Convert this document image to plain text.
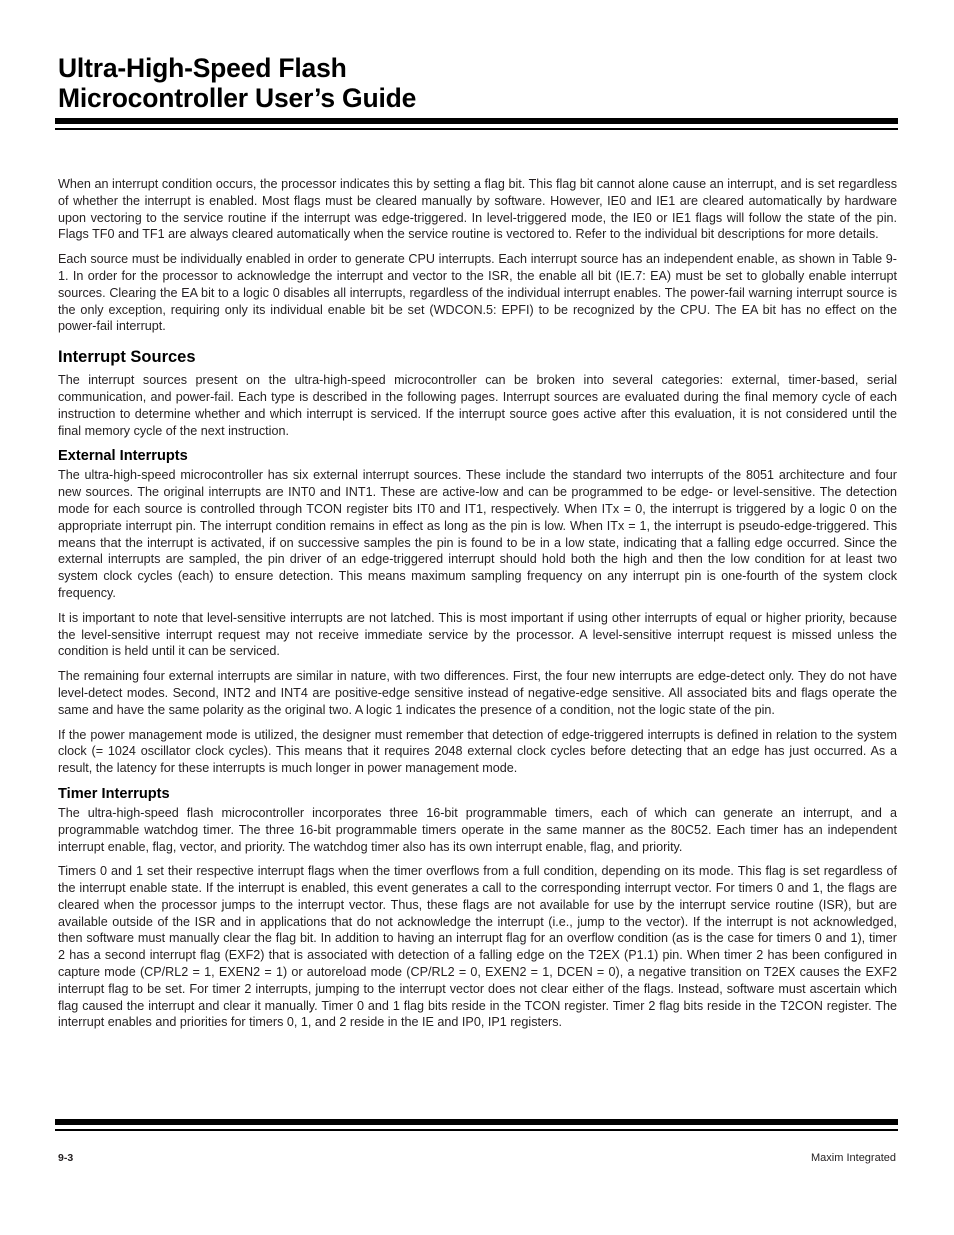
Ultra-High-Speed Flash
Microcontroller User’s Guide

When an interrupt condition occurs, the processor indicates this by setting a flag bit. This flag bit cannot alone cause an interrupt, and is set regardless of whether the interrupt is enabled. Most flags must be cleared manually by software. However, IE0 and IE1 are cleared automatically by hardware upon vectoring to the service routine if the interrupt was edge-triggered. In level-triggered mode, the IE0 or IE1 flags will follow the state of the pin. Flags TF0 and TF1 are always cleared automatically when the service routine is vectored to. Refer to the individual bit descriptions for more details.

Each source must be individually enabled in order to generate CPU interrupts. Each interrupt source has an independent enable, as shown in Table 9-1. In order for the processor to acknowledge the interrupt and vector to the ISR, the enable all bit (IE.7: EA) must be set to globally enable interrupt sources. Clearing the EA bit to a logic 0 disables all interrupts, regardless of the individual interrupt enables. The power-fail warning interrupt source is the only exception, requiring only its individual enable bit be set (WDCON.5: EPFI) to be recognized by the CPU. The EA bit has no effect on the power-fail interrupt.

Interrupt Sources

The interrupt sources present on the ultra-high-speed microcontroller can be broken into several categories: external, timer-based, serial communication, and power-fail. Each type is described in the following pages. Interrupt sources are evaluated during the final memory cycle of each instruction to determine whether and which interrupt is serviced. If the interrupt source goes active after this evaluation, it is not considered until the final memory cycle of the next instruction.

External Interrupts

The ultra-high-speed microcontroller has six external interrupt sources. These include the standard two interrupts of the 8051 architecture and four new sources. The original interrupts are INT0 and INT1. These are active-low and can be programmed to be edge- or level-sensitive. The detection mode for each source is controlled through TCON register bits IT0 and IT1, respectively. When ITx = 0, the interrupt is triggered by a logic 0 on the appropriate interrupt pin. The interrupt condition remains in effect as long as the pin is low. When ITx = 1, the interrupt is pseudo-edge-triggered. This means that the interrupt is activated, if on successive samples the pin is found to be in a low state, indicating that a falling edge occurred. Since the external interrupts are sampled, the pin driver of an edge-triggered interrupt should hold both the high and then the low condition for at least two system clock cycles (each) to ensure detection. This means maximum sampling frequency on any interrupt pin is one-fourth of the system clock frequency.

It is important to note that level-sensitive interrupts are not latched. This is most important if using other interrupts of equal or higher priority, because the level-sensitive interrupt request may not receive immediate service by the processor. A level-sensitive interrupt request is missed unless the condition is held until it can be serviced.

The remaining four external interrupts are similar in nature, with two differences. First, the four new interrupts are edge-detect only. They do not have level-detect modes. Second, INT2 and INT4 are positive-edge sensitive instead of negative-edge sensitive. All associated bits and flags operate the same and have the same polarity as the original two. A logic 1 indicates the presence of a condition, not the logic state of the pin.

If the power management mode is utilized, the designer must remember that detection of edge-triggered interrupts is defined in relation to the system clock (= 1024 oscillator clock cycles). This means that it requires 2048 external clock cycles before detecting that an edge has just occurred. As a result, the latency for these interrupts is much longer in power management mode.

Timer Interrupts

The ultra-high-speed flash microcontroller incorporates three 16-bit programmable timers, each of which can generate an interrupt, and a programmable watchdog timer. The three 16-bit programmable timers operate in the same manner as the 80C52. Each timer has an independent interrupt enable, flag, vector, and priority. The watchdog timer also has its own interrupt enable, flag, and priority.

Timers 0 and 1 set their respective interrupt flags when the timer overflows from a full condition, depending on its mode. This flag is set regardless of the interrupt enable state. If the interrupt is enabled, this event generates a call to the corresponding interrupt vector. For timers 0 and 1, the flags are cleared when the processor jumps to the interrupt vector. Thus, these flags are not available for use by the interrupt service routine (ISR), but are available outside of the ISR and in applications that do not acknowledge the interrupt (i.e., jump to the vector). If the interrupt is not acknowledged, then software must manually clear the flag bit. In addition to having an interrupt flag for an overflow condition (as is the case for timers 0 and 1), timer 2 has a second interrupt flag (EXF2) that is associated with detection of a falling edge on the T2EX (P1.1) pin. When timer 2 has been configured in capture mode (CP/RL2 = 1, EXEN2 = 1) or autoreload mode (CP/RL2 = 0, EXEN2 = 1, DCEN = 0), a negative transition on T2EX causes the EXF2 interrupt flag to be set. For timer 2 interrupts, jumping to the interrupt vector does not clear either of the flags. Instead, software must ascertain which flag caused the interrupt and clear it manually. Timer 0 and 1 flag bits reside in the TCON register. Timer 2 flag bits reside in the T2CON register. The interrupt enables and priorities for timers 0, 1, and 2 reside in the IE and IP0, IP1 registers.

9-3	Maxim Integrated
